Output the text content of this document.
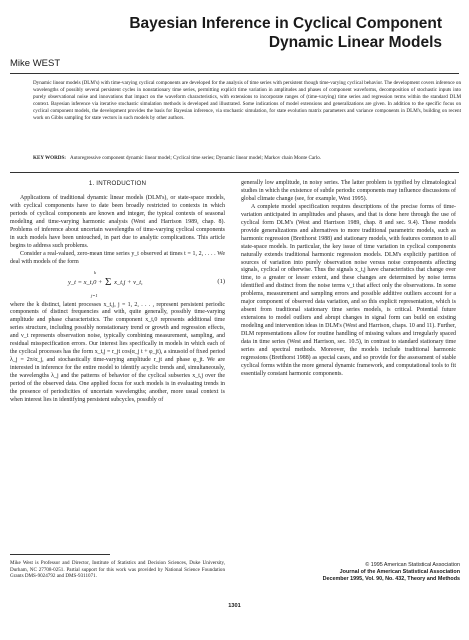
Bayesian Inference in Cyclical Component
Dynamic Linear Models
Mike WEST

Dynamic linear models (DLM's) with time-varying cyclical components are developed for the analysis of time series with persistent though time-varying cyclical behavior. The development covers inference on wavelengths of possibly several persistent cycles in nonstationary time series, permitting explicit time variation in amplitudes and phases of component waveforms, decomposition of stochastic inputs into purely observational noise and innovations that impact on the waveform characteristics, with extensions to incorporate ranges of (time-varying) time series and regression terms within the standard DLM context. Bayesian inference via iterative stochastic simulation methods is developed and illustrated. Some indications of model extensions and generalizations are given. In addition to the specific focus on cyclical component models, the development provides the basis for Bayesian inference, via stochastic simulation, for state evolution matrix parameters and variance components in DLM's, building on recent work on Gibbs sampling for state vectors in such models by other authors.

KEY WORDS: Autoregressive component dynamic linear model; Cyclical time series; Dynamic linear model; Markov chain Monte Carlo.

1. INTRODUCTION

Applications of traditional dynamic linear models (DLM's), or state-space models, with cyclical components have to date been broadly restricted to contexts in which periods of cyclical components are known and integer, the typical contexts of seasonal modeling and time-varying harmonic analysis (West and Harrison 1989, chap. 8). Problems of inference about uncertain wavelengths of time-varying cyclical components in such models have been untouched, in part due to analytic complications. This article begins to address such problems.

Consider a real-valued, zero-mean time series y_t observed at times t = 1, 2, . . . . We deal with models of the form

k
y_t = x_t,0 + Σ x_t,j + ν_t,
j=1
(1)

where the k distinct, latent processes x_t,j, j = 1, 2, . . . , represent persistent periodic components of distinct frequencies and with, quite generally, possibly time-varying amplitude and phase characteristics. The component x_t,0 represents additional time series structure, including possibly nonstationary trend or growth and regression effects, and ν_t represents observation noise, typically combining measurement, sampling, and residual misspecification errors. Our interest lies specifically in models in which each of the cyclical processes has the form x_t,j = r_jt cos(α_j t + φ_jt), a sinusoid of fixed period λ_j = 2π/α_j, and stochastically time-varying amplitude r_jt and phase φ_jt. We are interested in inference for the entire model to identify acyclic trends and, simultaneously, the wavelengths λ_j and the patterns of behavior of the cyclical subseries x_t,j over the period of the observed data. One applied focus for such models is in evaluating trends in the presence of periodicities of uncertain wavelengths; another, more usual context is when interest lies in identifying persistent subcycles, possibly of

generally low amplitude, in noisy series. The latter problem is typified by climatological studies in which the existence of subtle periodic components may influence discussions of global climate change (see, for example, West 1995).

A complete model specification requires descriptions of the precise forms of time-variation anticipated in amplitudes and phases, and that is done here through the use of cyclical form DLM's (West and Harrison 1989, chap. 8 and sec. 9.4). These models provide generalizations and alternatives to more traditional parametric models, such as harmonic regression (Bretthorst 1988) and stationary models, with features common to all state-space models. In particular, the key issue of time variation in cyclical components naturally extends traditional harmonic regression models. DLM's explicitly partition of sources of variation into purely observation noise versus noise components affecting signals, cyclical or otherwise. Thus the signals x_t,j have characteristics that change over time, to a greater or lesser extent, and these changes are determined by noise terms identified and distinct from the noise terms ν_t that affect only the observations. In some problems, measurement and sampling errors and possible additive outliers account for a major component of observed data variation, and so this explicit representation, which is absent from traditional stationary time series models, is critical. Potential future extensions to model outliers and abrupt changes in signal form can build on existing modeling and intervention ideas in DLM's (West and Harrison, chaps. 10 and 11). Further, DLM representations allow for routine handling of missing values and irregularly spaced data in time series (West and Harrison, sec. 10.5), in contrast to standard stationary time series and spectral methods. Moreover, the models include traditional harmonic regressions (Bretthorst 1988) as special cases, and so provide for the assessment of stable cyclical forms within the more general dynamic framework, and computational tools to fit essentially constant harmonic components.

Mike West is Professor and Director, Institute of Statistics and Decision Sciences, Duke University, Durham, NC 27708-0251. Partial support for this work was provided by National Science Foundation Grants DMS-9024792 and DMS-9311071.

© 1995 American Statistical Association
Journal of the American Statistical Association
December 1995, Vol. 90, No. 432, Theory and Methods
1301
